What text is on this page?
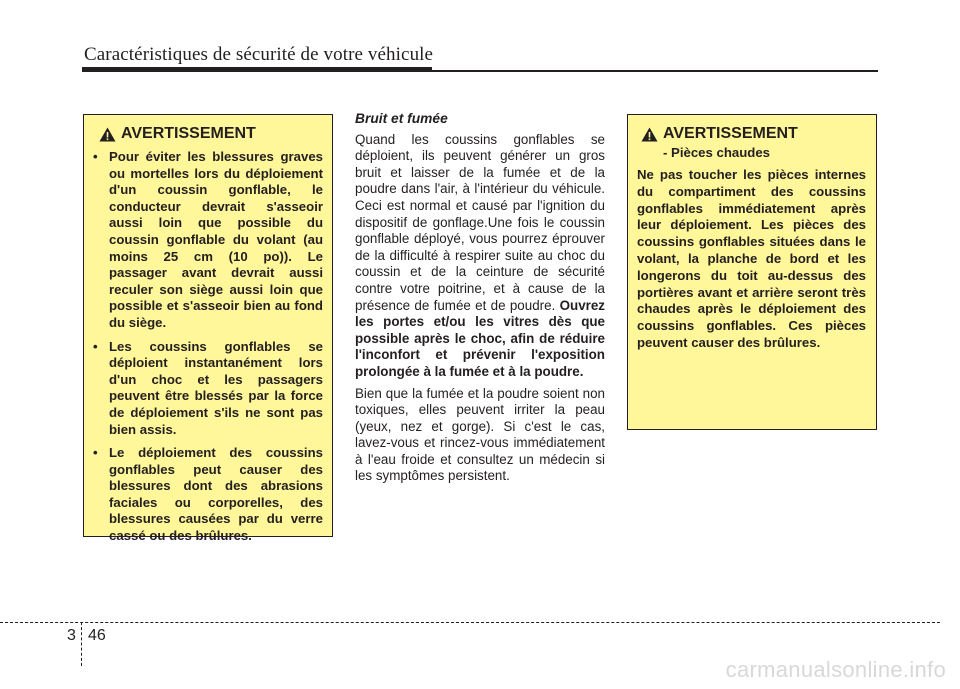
Caractéristiques de sécurité de votre véhicule
AVERTISSEMENT
• Pour éviter les blessures graves ou mortelles lors du déploiement d'un coussin gonflable, le conducteur devrait s'asseoir aussi loin que possible du coussin gonflable du volant (au moins 25 cm (10 po)). Le passager avant devrait aussi reculer son siège aussi loin que possible et s'asseoir bien au fond du siège.
• Les coussins gonflables se déploient instantanément lors d'un choc et les passagers peuvent être blessés par la force de déploiement s'ils ne sont pas bien assis.
• Le déploiement des coussins gonflables peut causer des blessures dont des abrasions faciales ou corporelles, des blessures causées par du verre cassé ou des brûlures.
Bruit et fumée

Quand les coussins gonflables se déploient, ils peuvent générer un gros bruit et laisser de la fumée et de la poudre dans l'air, à l'intérieur du véhicule. Ceci est normal et causé par l'ignition du dispositif de gonflage.Une fois le coussin gonflable déployé, vous pourrez éprouver de la difficulté à respirer suite au choc du coussin et de la ceinture de sécurité contre votre poitrine, et à cause de la présence de fumée et de poudre. Ouvrez les portes et/ou les vitres dès que possible après le choc, afin de réduire l'inconfort et prévenir l'exposition prolongée à la fumée et à la poudre.

Bien que la fumée et la poudre soient non toxiques, elles peuvent irriter la peau (yeux, nez et gorge). Si c'est le cas, lavez-vous et rincez-vous immédiatement à l'eau froide et consultez un médecin si les symptômes persistent.

AVERTISSEMENT
- Pièces chaudes
Ne pas toucher les pièces internes du compartiment des coussins gonflables immédiatement après leur déploiement. Les pièces des coussins gonflables situées dans le volant, la planche de bord et les longerons du toit au-dessus des portières avant et arrière seront très chaudes après le déploiement des coussins gonflables. Ces pièces peuvent causer des brûlures.
3 46
carmanualsonline.info
